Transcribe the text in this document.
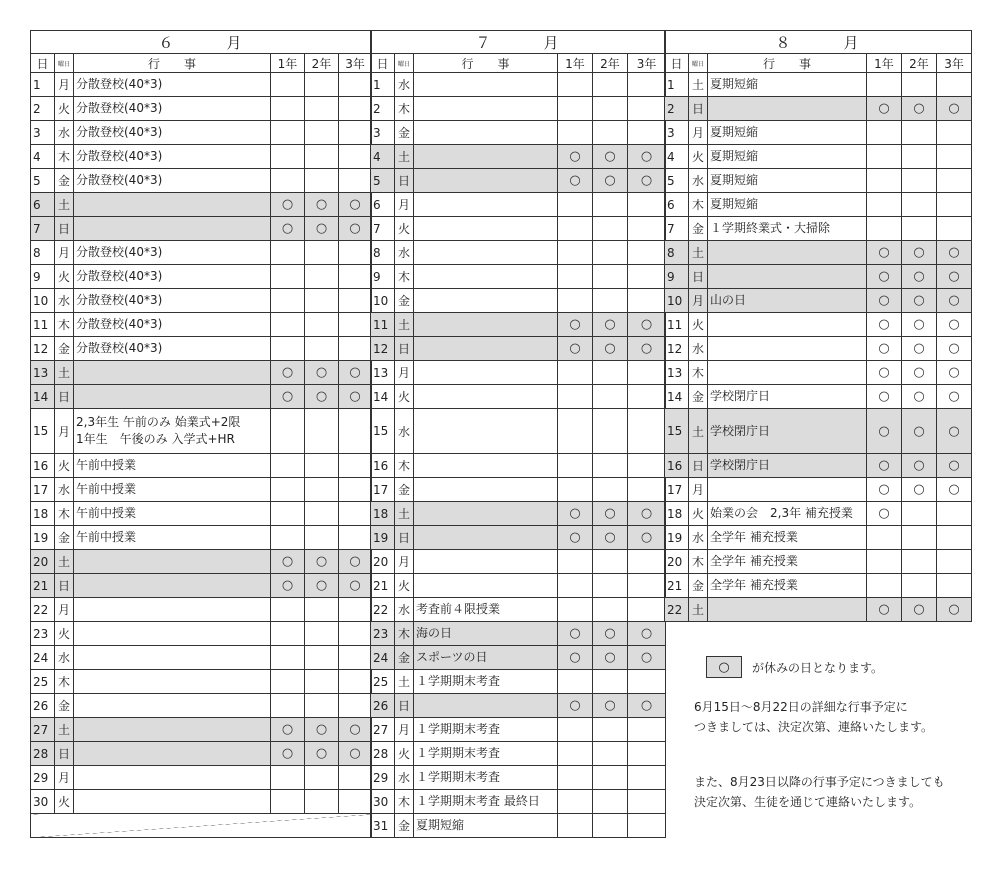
６　　　月					
日	曜日	行　　事	1年	2年	3年
1	月	分散登校(40*3)			

2	火	分散登校(40*3)			

3	水	分散登校(40*3)			

4	木	分散登校(40*3)			

5	金	分散登校(40*3)			

6	土		○	○	○
7	日		○	○	○
8	月	分散登校(40*3)			

9	火	分散登校(40*3)			

10	水	分散登校(40*3)			

11	木	分散登校(40*3)			

12	金	分散登校(40*3)			

13	土		○	○	○
14	日		○	○	○
15	月	2,3年生 午前のみ 始業式+2限
1年生　午後のみ 入学式+HR			

16	火	午前中授業			

17	水	午前中授業			

18	木	午前中授業			

19	金	午前中授業			

20	土		○	○	○
21	日		○	○	○
22	月	

23	火	

24	水	

25	木	

26	金	

27	土		○	○	○
28	日		○	○	○
29	月	

30	火	

７　　　月					
日	曜日	行　　事	1年	2年	3年
1	水	

2	木	

3	金	

4	土		○	○	○
5	日		○	○	○
6	月	

7	火	

8	水	

9	木	

10	金	

11	土		○	○	○
12	日		○	○	○
13	月	

14	火	

15	水	

16	木	

17	金	

18	土		○	○	○
19	日		○	○	○
20	月	

21	火	

22	水	考査前４限授業			

23	木	海の日	○	○	○
24	金	スポーツの日	○	○	○
25	土	１学期期末考査			

26	日		○	○	○
27	月	１学期期末考査			

28	火	１学期期末考査			

29	水	１学期期末考査			

30	木	１学期期末考査 最終日			

31	金	夏期短縮			

８　　　月					
日	曜日	行　　事	1年	2年	3年
1	土	夏期短縮			

2	日		○	○	○
3	月	夏期短縮			

4	火	夏期短縮			

5	水	夏期短縮			

6	木	夏期短縮			

7	金	１学期終業式・大掃除			

8	土		○	○	○
9	日		○	○	○
10	月	山の日	○	○	○
11	火		○	○	○
12	水		○	○	○
13	木		○	○	○
14	金	学校閉庁日	○	○	○
15	土	学校閉庁日	○	○	○
16	日	学校閉庁日	○	○	○
17	月		○	○	○
18	火	始業の会　2,3年 補充授業	○		
19	水	全学年 補充授業			

20	木	全学年 補充授業			

21	金	全学年 補充授業			

22	土		○	○	○
○	が休みの日となります。
6月15日～8月22日の詳細な行事予定に
つきましては、決定次第、連絡いたします。
また、8月23日以降の行事予定につきましても
決定次第、生徒を通じて連絡いたします。
